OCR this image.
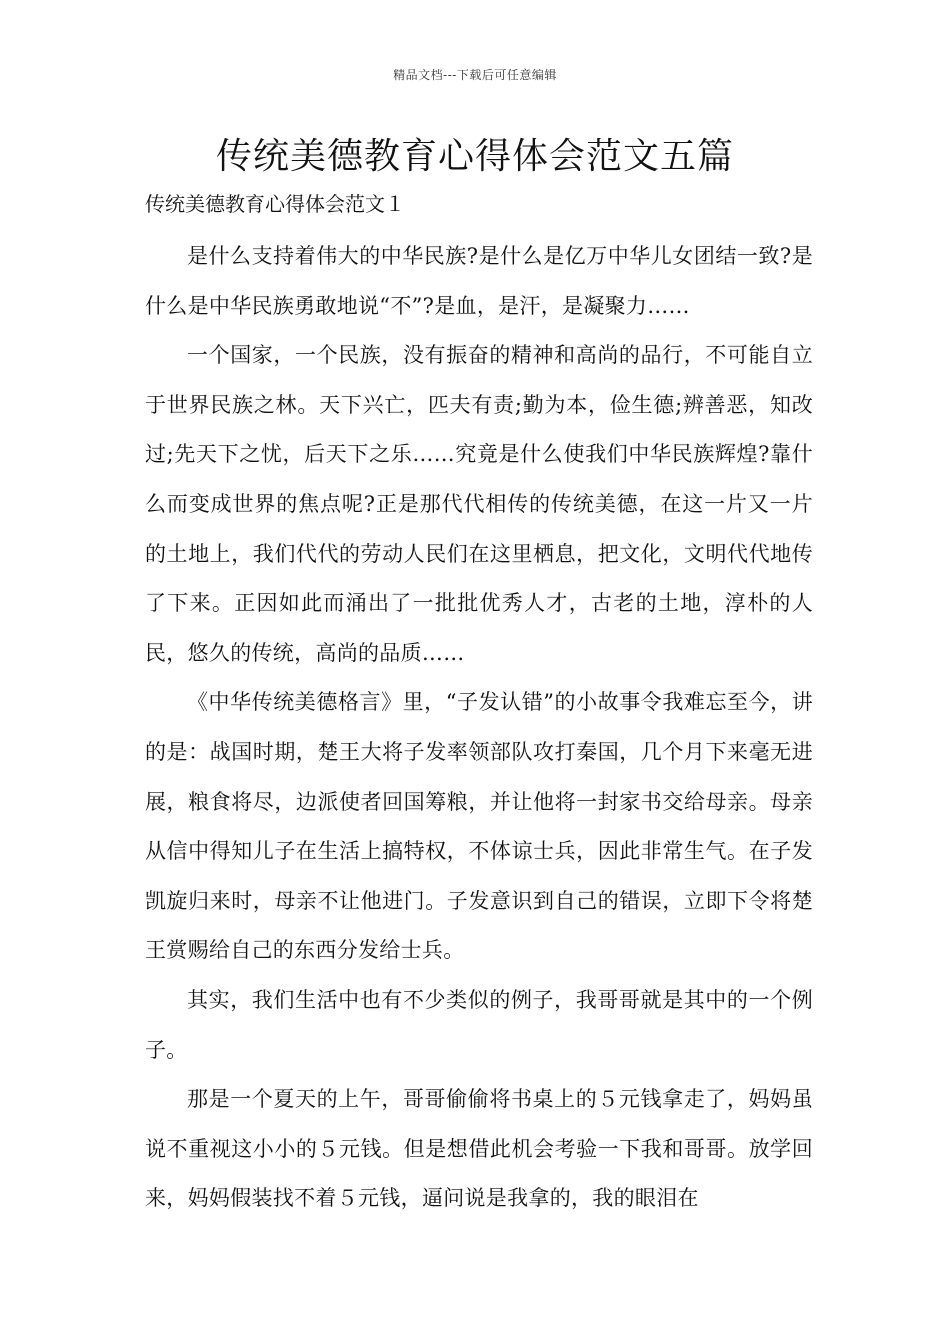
精品文档---下载后可任意编辑
传统美德教育心得体会范文五篇

传统美德教育心得体会范文１

是什么支持着伟大的中华民族?是什么是亿万中华儿女团结一致?是什么是中华民族勇敢地说“不”?是血，是汗，是凝聚力……

一个国家，一个民族，没有振奋的精神和高尚的品行，不可能自立于世界民族之林。天下兴亡，匹夫有责;勤为本，俭生德;辨善恶，知改过;先天下之忧，后天下之乐……究竟是什么使我们中华民族辉煌?靠什么而变成世界的焦点呢?正是那代代相传的传统美德，在这一片又一片的土地上，我们代代的劳动人民们在这里栖息，把文化，文明代代地传了下来。正因如此而涌出了一批批优秀人才，古老的土地，淳朴的人民，悠久的传统，高尚的品质……

《中华传统美德格言》里，“子发认错”的小故事令我难忘至今，讲的是：战国时期，楚王大将子发率领部队攻打秦国，几个月下来毫无进展，粮食将尽，边派使者回国筹粮，并让他将一封家书交给母亲。母亲从信中得知儿子在生活上搞特权，不体谅士兵，因此非常生气。在子发凯旋归来时，母亲不让他进门。子发意识到自己的错误，立即下令将楚王赏赐给自己的东西分发给士兵。

其实，我们生活中也有不少类似的例子，我哥哥就是其中的一个例子。

那是一个夏天的上午，哥哥偷偷将书桌上的５元钱拿走了，妈妈虽说不重视这小小的５元钱。但是想借此机会考验一下我和哥哥。放学回来，妈妈假装找不着５元钱，逼问说是我拿的，我的眼泪在
